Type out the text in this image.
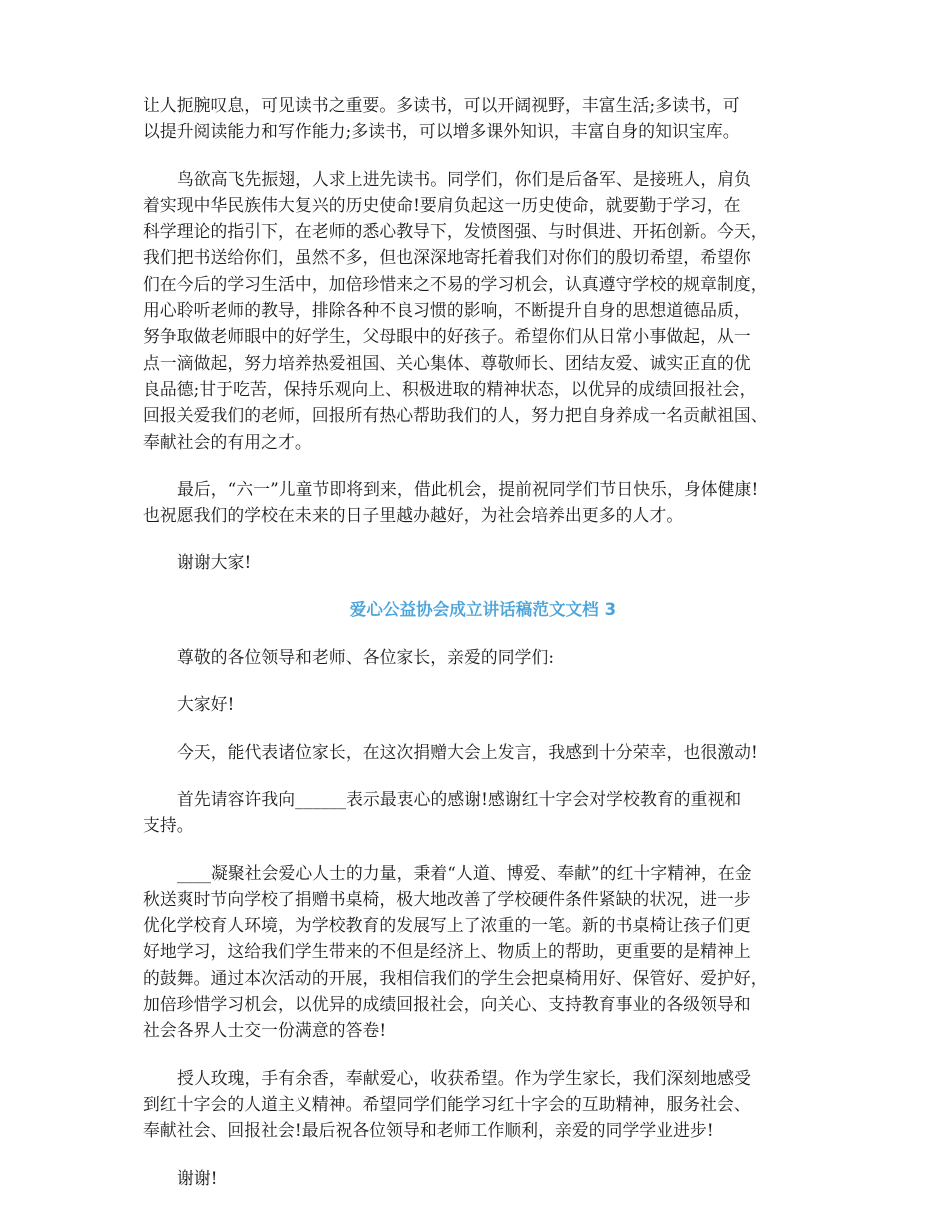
让人扼腕叹息，可见读书之重要。多读书，可以开阔视野，丰富生活;多读书，可
以提升阅读能力和写作能力;多读书，可以增多课外知识，丰富自身的知识宝库。

鸟欲高飞先振翅，人求上进先读书。同学们，你们是后备军、是接班人，肩负
着实现中华民族伟大复兴的历史使命!要肩负起这一历史使命，就要勤于学习，在
科学理论的指引下，在老师的悉心教导下，发愤图强、与时俱进、开拓创新。今天，
我们把书送给你们，虽然不多，但也深深地寄托着我们对你们的殷切希望，希望你
们在今后的学习生活中，加倍珍惜来之不易的学习机会，认真遵守学校的规章制度，
用心聆听老师的教导，排除各种不良习惯的影响，不断提升自身的思想道德品质，
努争取做老师眼中的好学生，父母眼中的好孩子。希望你们从日常小事做起，从一
点一滴做起，努力培养热爱祖国、关心集体、尊敬师长、团结友爱、诚实正直的优
良品德;甘于吃苦，保持乐观向上、积极进取的精神状态，以优异的成绩回报社会，
回报关爱我们的老师，回报所有热心帮助我们的人，努力把自身养成一名贡献祖国、
奉献社会的有用之才。

最后，“六一”儿童节即将到来，借此机会，提前祝同学们节日快乐，身体健康!
也祝愿我们的学校在未来的日子里越办越好，为社会培养出更多的人才。

谢谢大家!

爱心公益协会成立讲话稿范文文档 3

尊敬的各位领导和老师、各位家长，亲爱的同学们:

大家好!

今天，能代表诸位家长，在这次捐赠大会上发言，我感到十分荣幸，也很激动!

首先请容许我向______表示最衷心的感谢!感谢红十字会对学校教育的重视和
支持。

____凝聚社会爱心人士的力量，秉着“人道、博爱、奉献”的红十字精神，在金
秋送爽时节向学校了捐赠书桌椅，极大地改善了学校硬件条件紧缺的状况，进一步
优化学校育人环境，为学校教育的发展写上了浓重的一笔。新的书桌椅让孩子们更
好地学习，这给我们学生带来的不但是经济上、物质上的帮助，更重要的是精神上
的鼓舞。通过本次活动的开展，我相信我们的学生会把桌椅用好、保管好、爱护好，
加倍珍惜学习机会，以优异的成绩回报社会，向关心、支持教育事业的各级领导和
社会各界人士交一份满意的答卷!

授人玫瑰，手有余香，奉献爱心，收获希望。作为学生家长，我们深刻地感受
到红十字会的人道主义精神。希望同学们能学习红十字会的互助精神，服务社会、
奉献社会、回报社会!最后祝各位领导和老师工作顺利，亲爱的同学学业进步!

谢谢!
